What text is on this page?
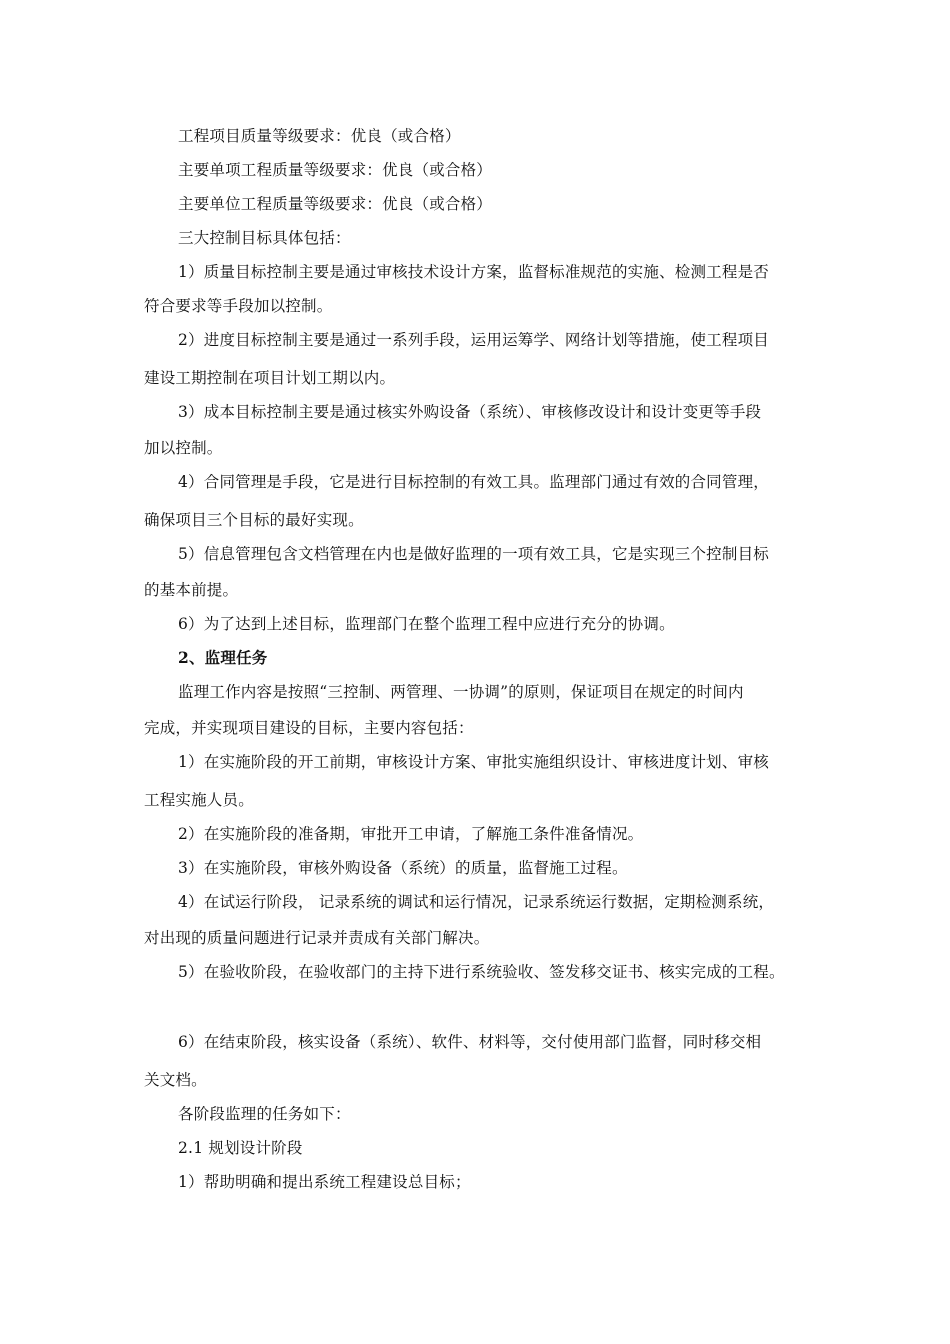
工程项目质量等级要求：优良（或合格）
主要单项工程质量等级要求：优良（或合格）
主要单位工程质量等级要求：优良（或合格）
三大控制目标具体包括：
1）质量目标控制主要是通过审核技术设计方案，监督标准规范的实施、检测工程是否
符合要求等手段加以控制。
2）进度目标控制主要是通过一系列手段，运用运筹学、网络计划等措施，使工程项目
建设工期控制在项目计划工期以内。
3）成本目标控制主要是通过核实外购设备（系统）、审核修改设计和设计变更等手段
加以控制。
4）合同管理是手段，它是进行目标控制的有效工具。监理部门通过有效的合同管理，
确保项目三个目标的最好实现。
5）信息管理包含文档管理在内也是做好监理的一项有效工具，它是实现三个控制目标
的基本前提。
6）为了达到上述目标，监理部门在整个监理工程中应进行充分的协调。
2、监理任务
监理工作内容是按照“三控制、两管理、一协调”的原则，保证项目在规定的时间内
完成，并实现项目建设的目标，主要内容包括：
1）在实施阶段的开工前期，审核设计方案、审批实施组织设计、审核进度计划、审核
工程实施人员。
2）在实施阶段的准备期，审批开工申请，了解施工条件准备情况。
3）在实施阶段，审核外购设备（系统）的质量，监督施工过程。
4）在试运行阶段， 记录系统的调试和运行情况，记录系统运行数据，定期检测系统，
对出现的质量问题进行记录并责成有关部门解决。
5）在验收阶段，在验收部门的主持下进行系统验收、签发移交证书、核实完成的工程。
6）在结束阶段，核实设备（系统）、软件、材料等，交付使用部门监督，同时移交相
关文档。
各阶段监理的任务如下：
2.1 规划设计阶段
1）帮助明确和提出系统工程建设总目标；
